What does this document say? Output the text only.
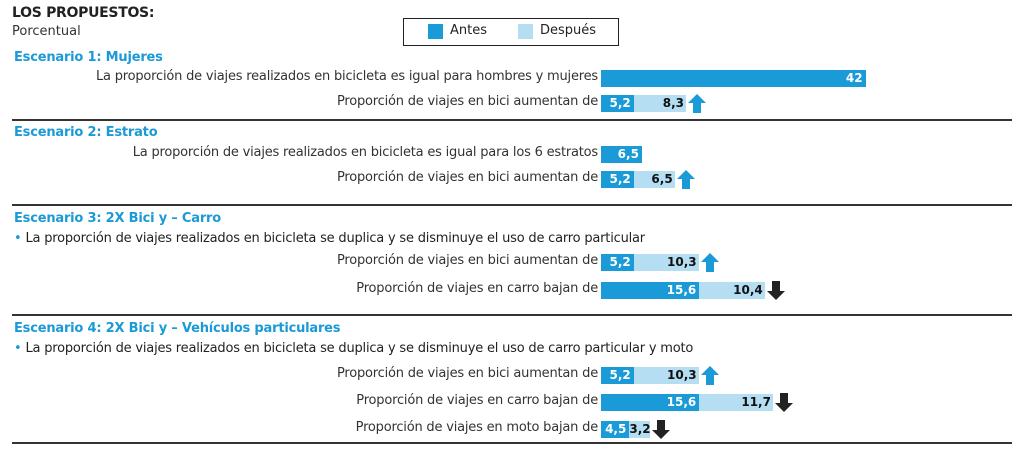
LOS PROPUESTOS:
Porcentual	Antes	Después
Escenario 1: Mujeres
La proporción de viajes realizados en bicicleta es igual para hombres y mujeres	42
Proporción de viajes en bici aumentan de 5,2	8,3
Escenario 2: Estrato
La proporción de viajes realizados en bicicleta es igual para los 6 estratos	6,5
Proporción de viajes en bici aumentan de 5,2	6,5
Escenario 3: 2X Bici y – Carro
• La proporción de viajes realizados en bicicleta se duplica y se disminuye el uso de carro particular
Proporción de viajes en bici aumentan de 5,2	10,3
Proporción de viajes en carro bajan de	15,6	10,4
Escenario 4: 2X Bici y – Vehículos particulares
• La proporción de viajes realizados en bicicleta se duplica y se disminuye el uso de carro particular y moto
Proporción de viajes en bici aumentan de 5,2	10,3
Proporción de viajes en carro bajan de	15,6	11,7
Proporción de viajes en moto bajan de 4,5 3,2
